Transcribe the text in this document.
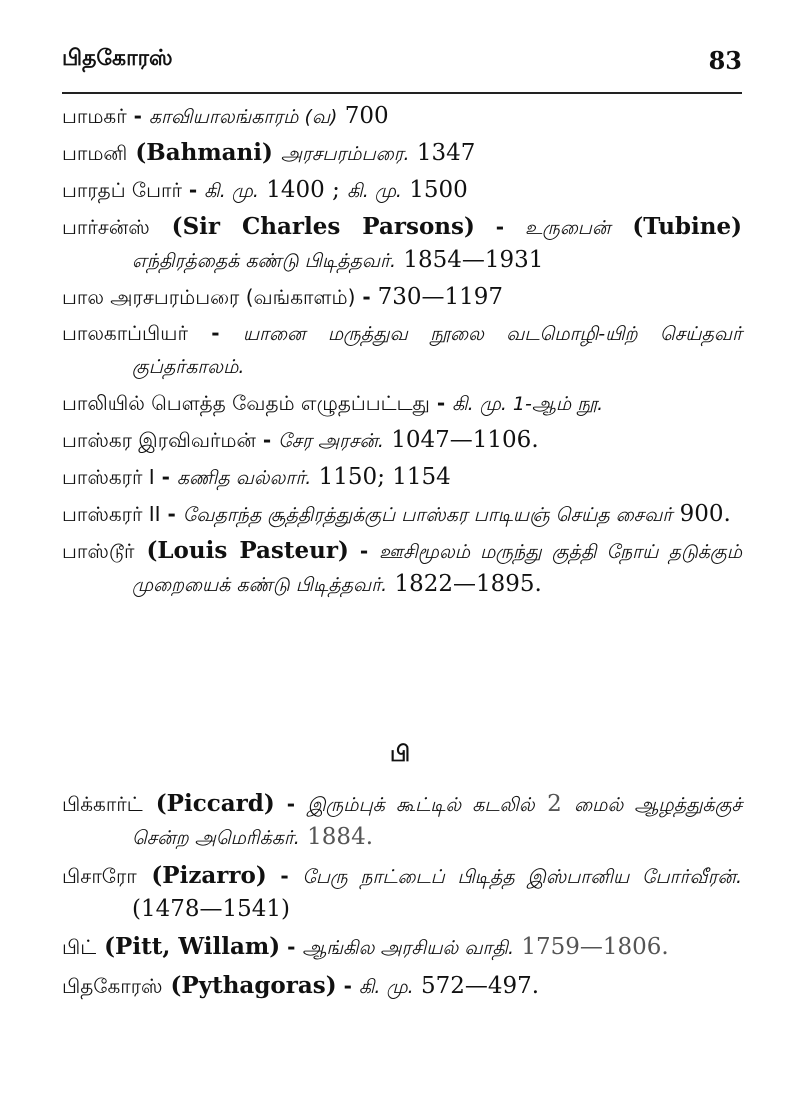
பிதகோரஸ்	83
பாமகர் - காவியாலங்காரம் (வ) 700
பாமனி (Bahmani) அரசபரம்பரை. 1347
பாரதப் போர் - கி. மு. 1400 ; கி. மு. 1500
பார்சன்ஸ் (Sir Charles Parsons) - உருபைன் (Tubine) எந்திரத்தைக் கண்டு பிடித்தவர். 1854—1931
பால அரசபரம்பரை (வங்காளம்) - 730—1197
பாலகாப்பியர் - யானை மருத்துவ நூலை வடமொழி-யிற் செய்தவர் குப்தர்காலம்.
பாலியில் பௌத்த வேதம் எழுதப்பட்டது - கி. மு. 1-ஆம் நூ.
பாஸ்கர இரவிவர்மன் - சேர அரசன். 1047—1106.
பாஸ்கரர் I - கணித வல்லார். 1150; 1154
பாஸ்கரர் II - வேதாந்த சூத்திரத்துக்குப் பாஸ்கர பாடியஞ் செய்த சைவர் 900.
பாஸ்டூர் (Louis Pasteur) - ஊசிமூலம் மருந்து குத்தி நோய் தடுக்கும் முறையைக் கண்டு பிடித்தவர். 1822—1895.
பி
பிக்கார்ட் (Piccard) - இரும்புக் கூட்டில் கடலில் 2 மைல் ஆழத்துக்குச் சென்ற அமெரிக்கர். 1884.
பிசாரோ (Pizarro) - பேரு நாட்டைப் பிடித்த இஸ்பானிய போர்வீரன். (1478—1541)
பிட் (Pitt, Willam) - ஆங்கில அரசியல் வாதி. 1759—1806.
பிதகோரஸ் (Pythagoras) - கி. மு. 572—497.
